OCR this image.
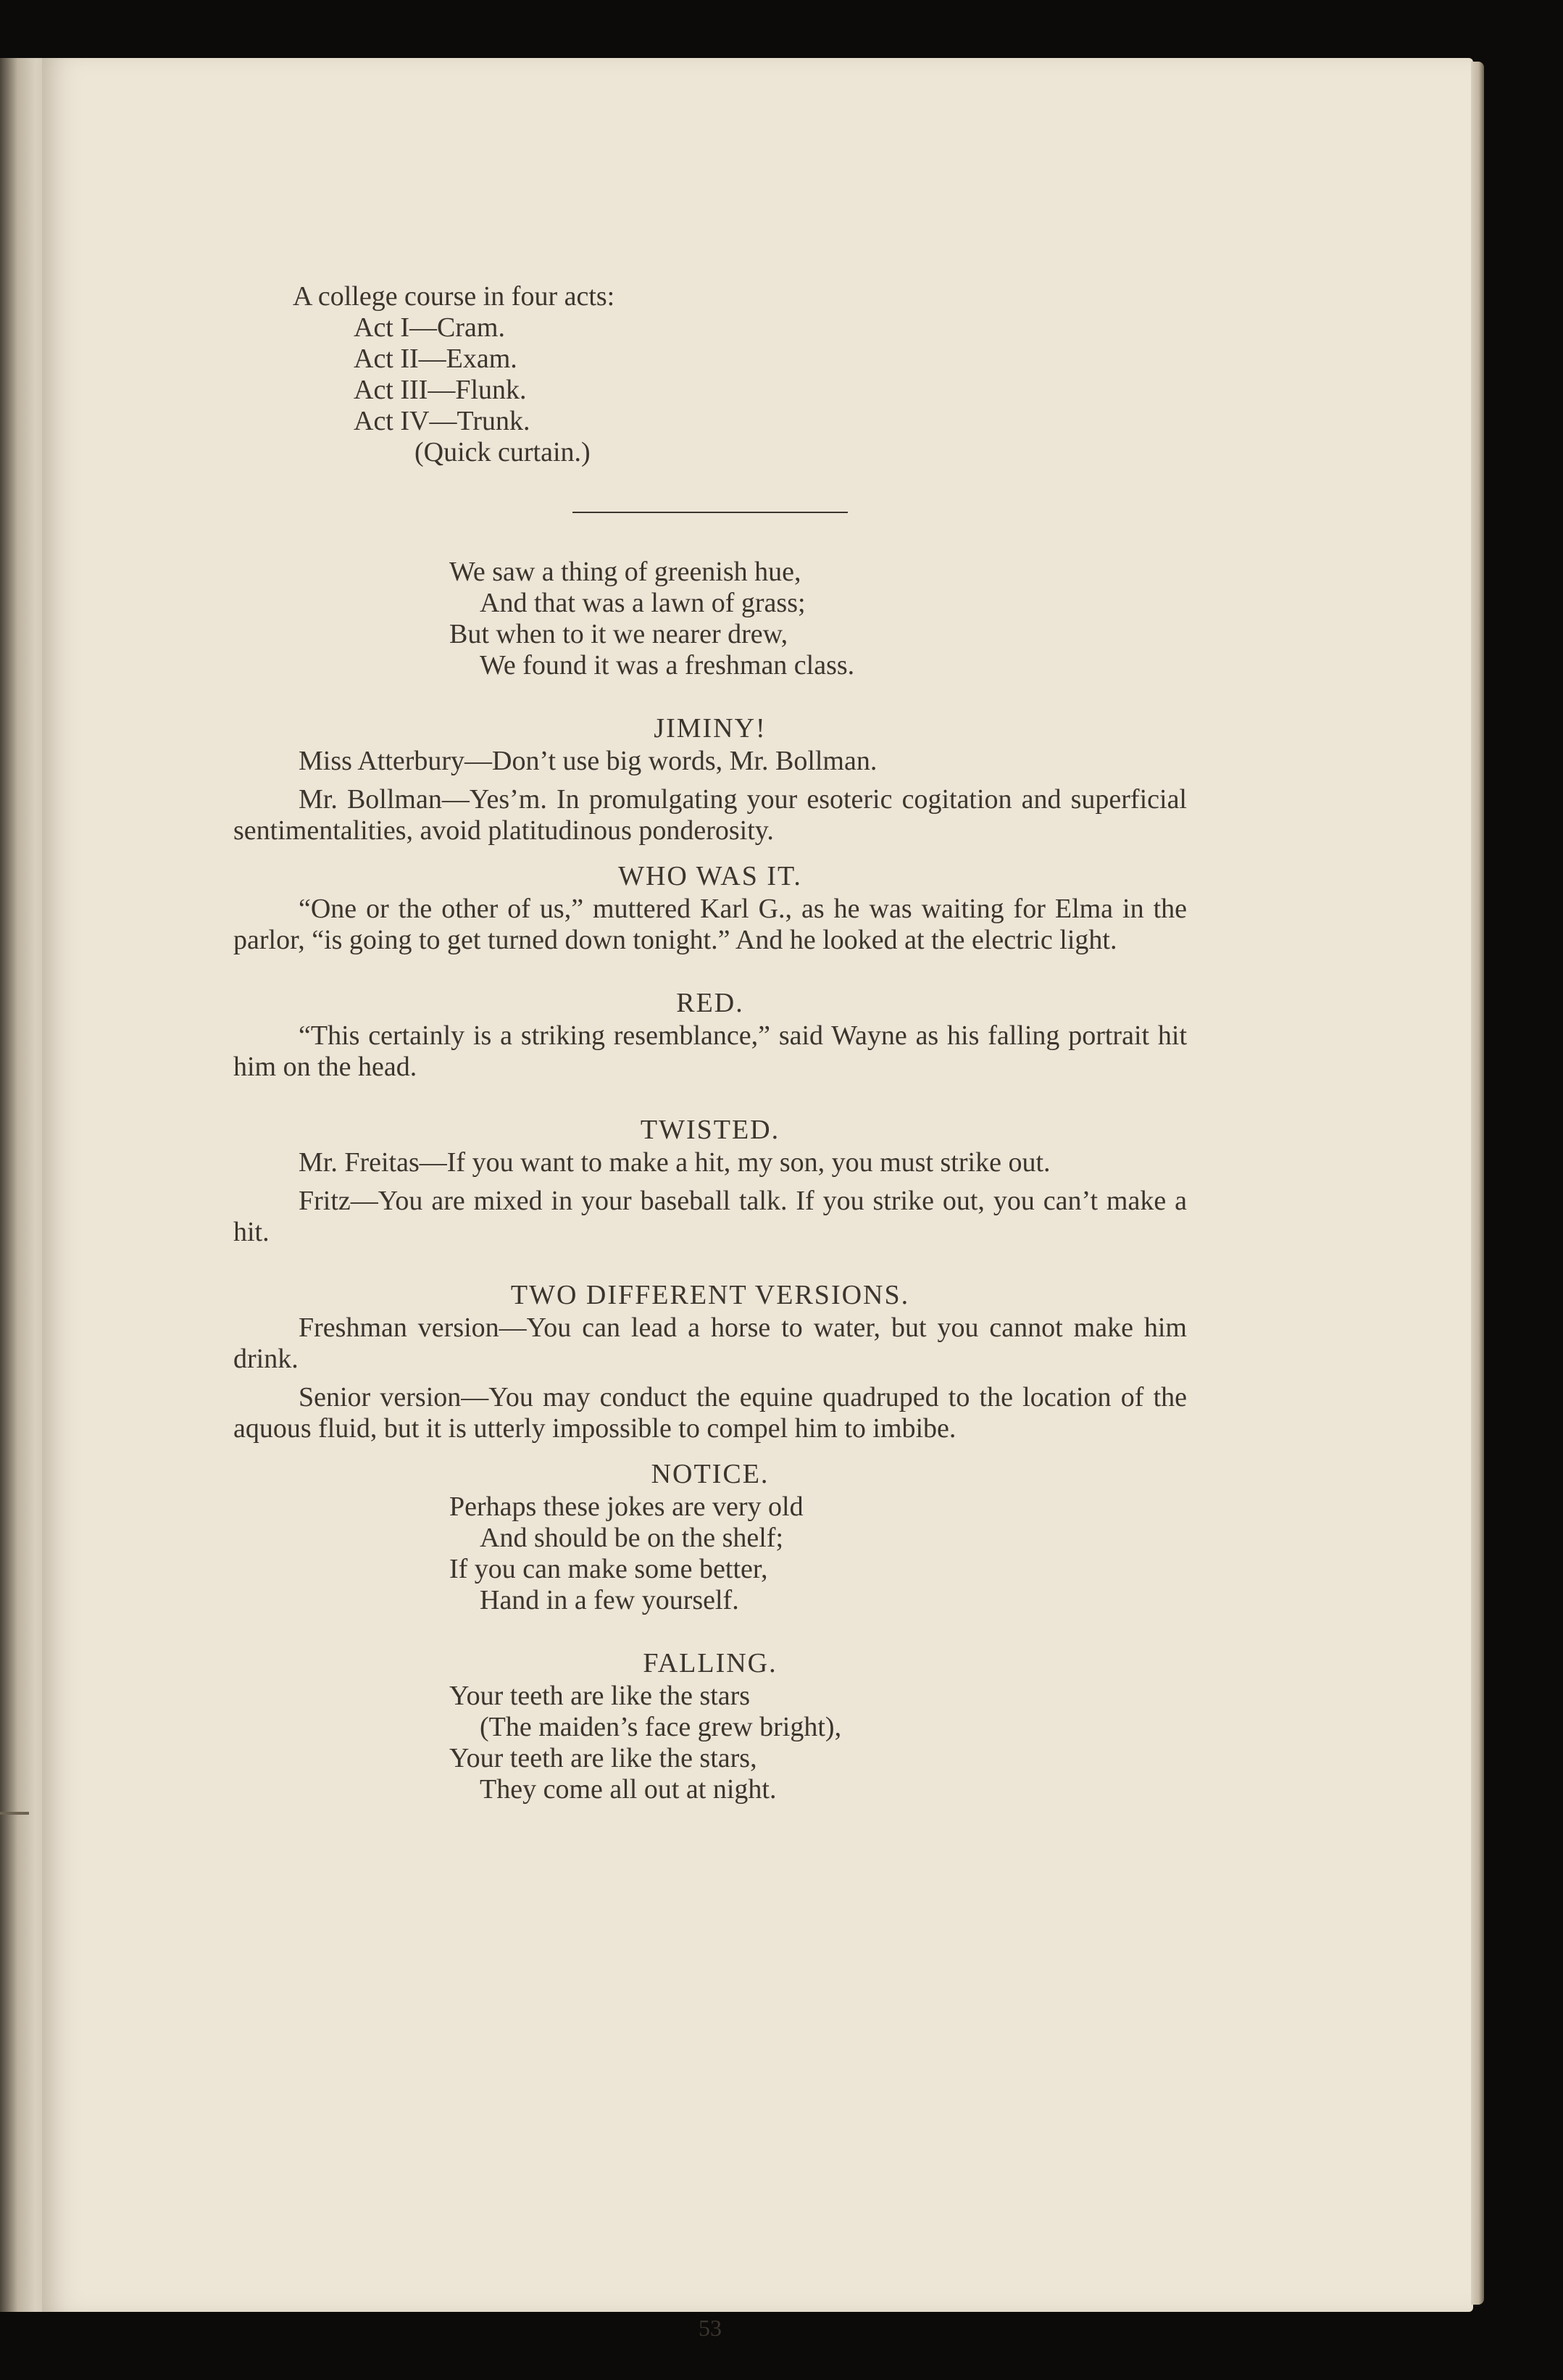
A college course in four acts:

Act I—Cram.

Act II—Exam.

Act III—Flunk.

Act IV—Trunk.

(Quick curtain.)

We saw a thing of greenish hue,

And that was a lawn of grass;

But when to it we nearer drew,

We found it was a freshman class.

JIMINY!

Miss Atterbury—Don’t use big words, Mr. Bollman.

Mr. Bollman—Yes’m. In promulgating your esoteric cogitation and superficial sentimentalities, avoid platitudinous ponderosity.

WHO WAS IT.

“One or the other of us,” muttered Karl G., as he was waiting for Elma in the parlor, “is going to get turned down tonight.” And he looked at the electric light.

RED.

“This certainly is a striking resemblance,” said Wayne as his falling portrait hit him on the head.

TWISTED.

Mr. Freitas—If you want to make a hit, my son, you must strike out.

Fritz—You are mixed in your baseball talk. If you strike out, you can’t make a hit.

TWO DIFFERENT VERSIONS.

Freshman version—You can lead a horse to water, but you cannot make him drink.

Senior version—You may conduct the equine quadruped to the location of the aquous fluid, but it is utterly impossible to compel him to imbibe.

NOTICE.

Perhaps these jokes are very old

And should be on the shelf;

If you can make some better,

Hand in a few yourself.

FALLING.

Your teeth are like the stars

(The maiden’s face grew bright),

Your teeth are like the stars,

They come all out at night.

53
